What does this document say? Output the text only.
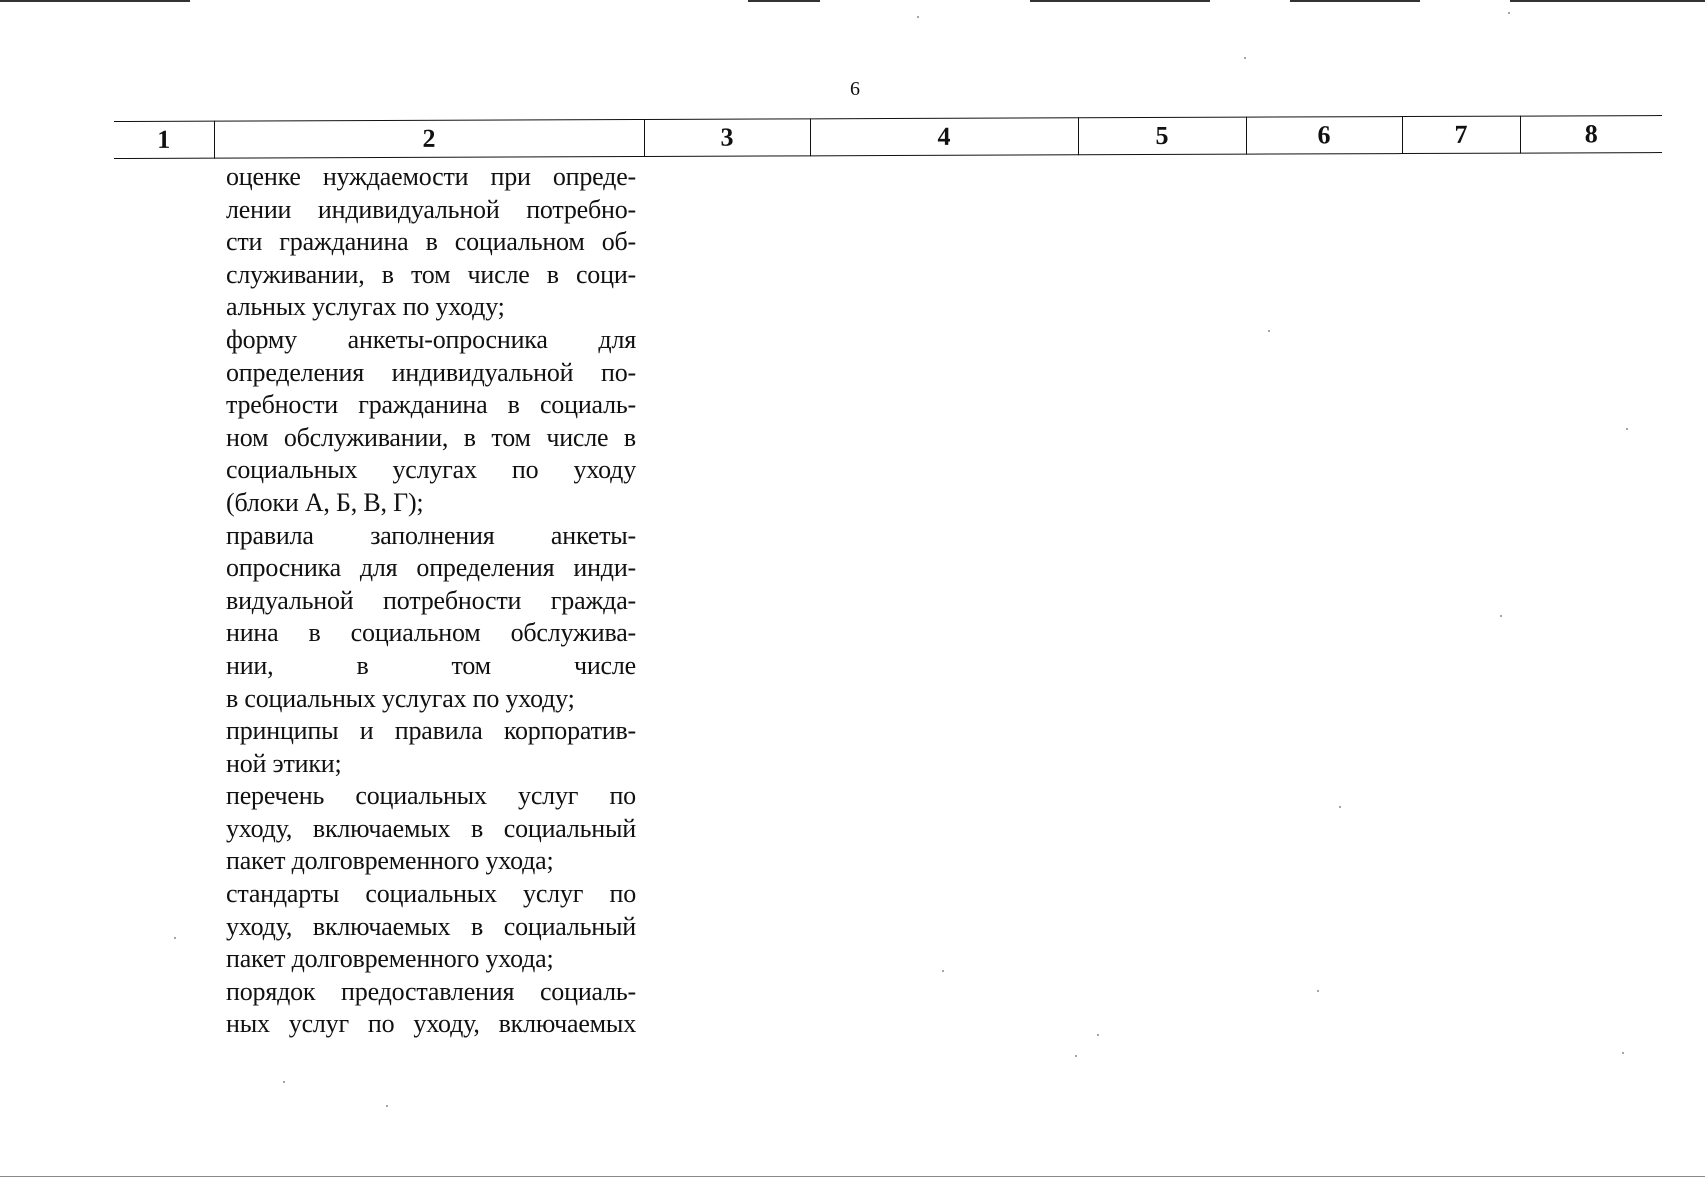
6
1	2	3	4	5	6	7	8
оценке нуждаемости при опреде-
лении индивидуальной потребно-
сти гражданина в социальном об-
служивании, в том числе в соци-
альных услугах по уходу;
форму анкеты-опросника для
определения индивидуальной по-
требности гражданина в социаль-
ном обслуживании, в том числе в
социальных услугах по уходу
(блоки А, Б, В, Г);
правила заполнения анкеты-
опросника для определения инди-
видуальной потребности гражда-
нина в социальном обслужива-
нии, в том числе
в социальных услугах по уходу;
принципы и правила корпоратив-
ной этики;
перечень социальных услуг по
уходу, включаемых в социальный
пакет долговременного ухода;
стандарты социальных услуг по
уходу, включаемых в социальный
пакет долговременного ухода;
порядок предоставления социаль-
ных услуг по уходу, включаемых
